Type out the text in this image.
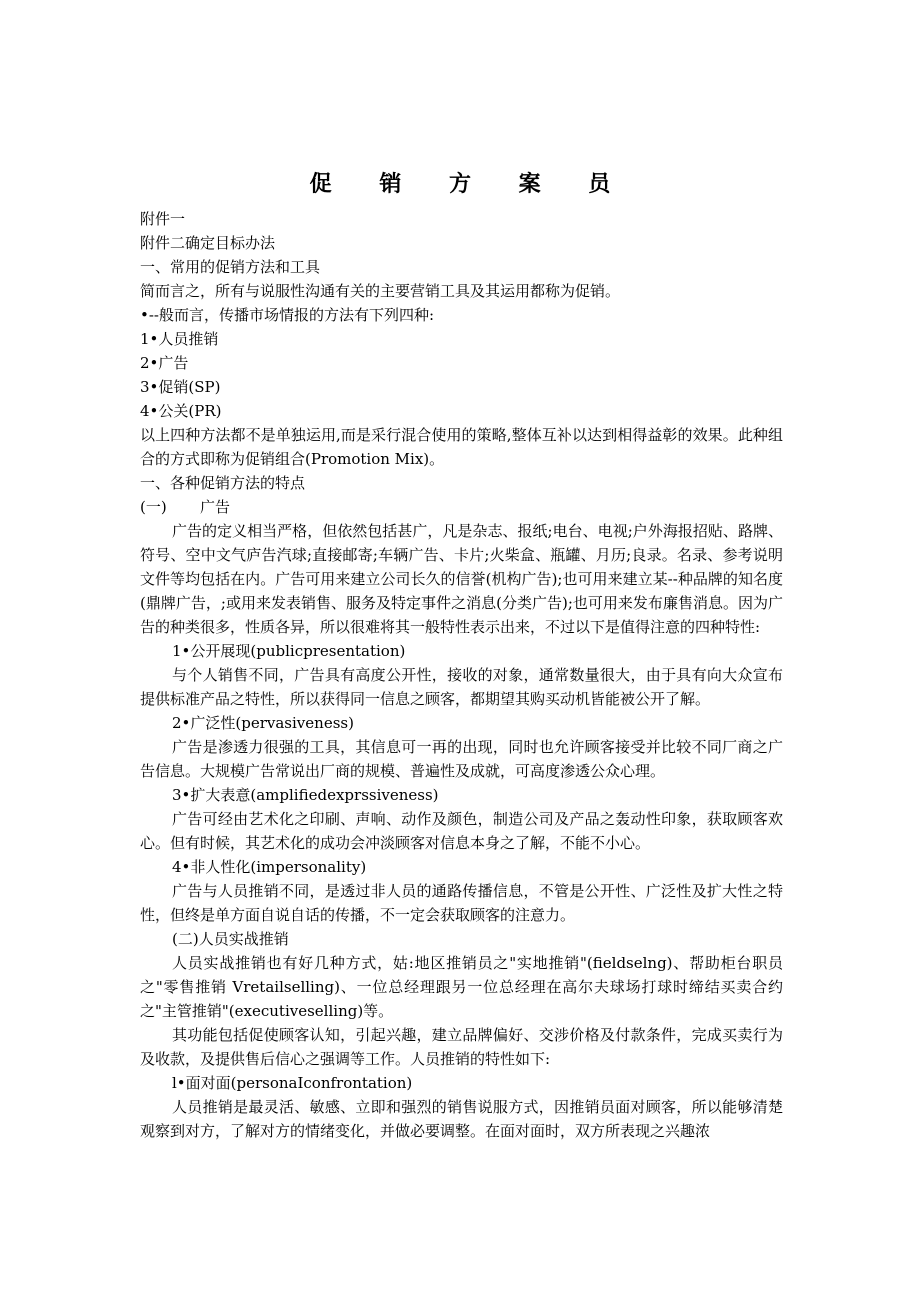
促 销 方 案 员

附件一

附件二确定目标办法

一、常用的促销方法和工具

简而言之，所有与说服性沟通有关的主要营销工具及其运用都称为促销。

•--般而言，传播市场情报的方法有下列四种:

1•人员推销

2•广告

3•促销(SP)

4•公关(PR)

以上四种方法都不是单独运用,而是采行混合使用的策略,整体互补以达到相得益彰的效果。此种组合的方式即称为促销组合(Promotion Mix)。

一、各种促销方法的特点

(一) 广告

广告的定义相当严格，但依然包括甚广，凡是杂志、报纸;电台、电视;户外海报招贴、路牌、符号、空中文气庐告汽球;直接邮寄;车辆广告、卡片;火柴盒、瓶罐、月历;良录。名录、参考说明文件等均包括在内。广告可用来建立公司长久的信誉(机构广告);也可用来建立某--种品牌的知名度(鼎牌广告，;或用来发表销售、服务及特定事件之消息(分类广告);也可用来发布廉售消息。因为广告的种类很多，性质各异，所以很难将其一般特性表示出来，不过以下是值得注意的四种特性:

1•公开展现(publicpresentation)

与个人销售不同，广告具有高度公开性，接收的对象，通常数量很大，由于具有向大众宣布提供标准产品之特性，所以获得同一信息之顾客，都期望其购买动机皆能被公开了解。

2•广泛性(pervasiveness)

广告是渗透力很强的工具，其信息可一再的出现，同时也允许顾客接受并比较不同厂商之广告信息。大规模广告常说出厂商的规模、普遍性及成就，可高度渗透公众心理。

3•扩大表意(amplifiedexprssiveness)

广告可经由艺术化之印刷、声响、动作及颜色，制造公司及产品之轰动性印象，获取顾客欢心。但有时候，其艺术化的成功会冲淡顾客对信息本身之了解，不能不小心。

4•非人性化(impersonality)

广告与人员推销不同，是透过非人员的通路传播信息，不管是公开性、广泛性及扩大性之特性，但终是单方面自说自话的传播，不一定会获取顾客的注意力。

(二)人员实战推销

人员实战推销也有好几种方式，姑:地区推销员之"实地推销"(fieldselng)、帮助柜台职员之"零售推销 Vretailselling)、一位总经理跟另一位总经理在高尔夫球场打球时缔结买卖合约之"主管推销"(executiveselling)等。

其功能包括促使顾客认知，引起兴趣，建立品牌偏好、交涉价格及付款条件，完成买卖行为及收款，及提供售后信心之强调等工作。人员推销的特性如下:

l•面对面(personaIconfrontation)

人员推销是最灵活、敏感、立即和强烈的销售说服方式，因推销员面对顾客，所以能够清楚观察到对方，了解对方的情绪变化，并做必要调整。在面对面时，双方所表现之兴趣浓
